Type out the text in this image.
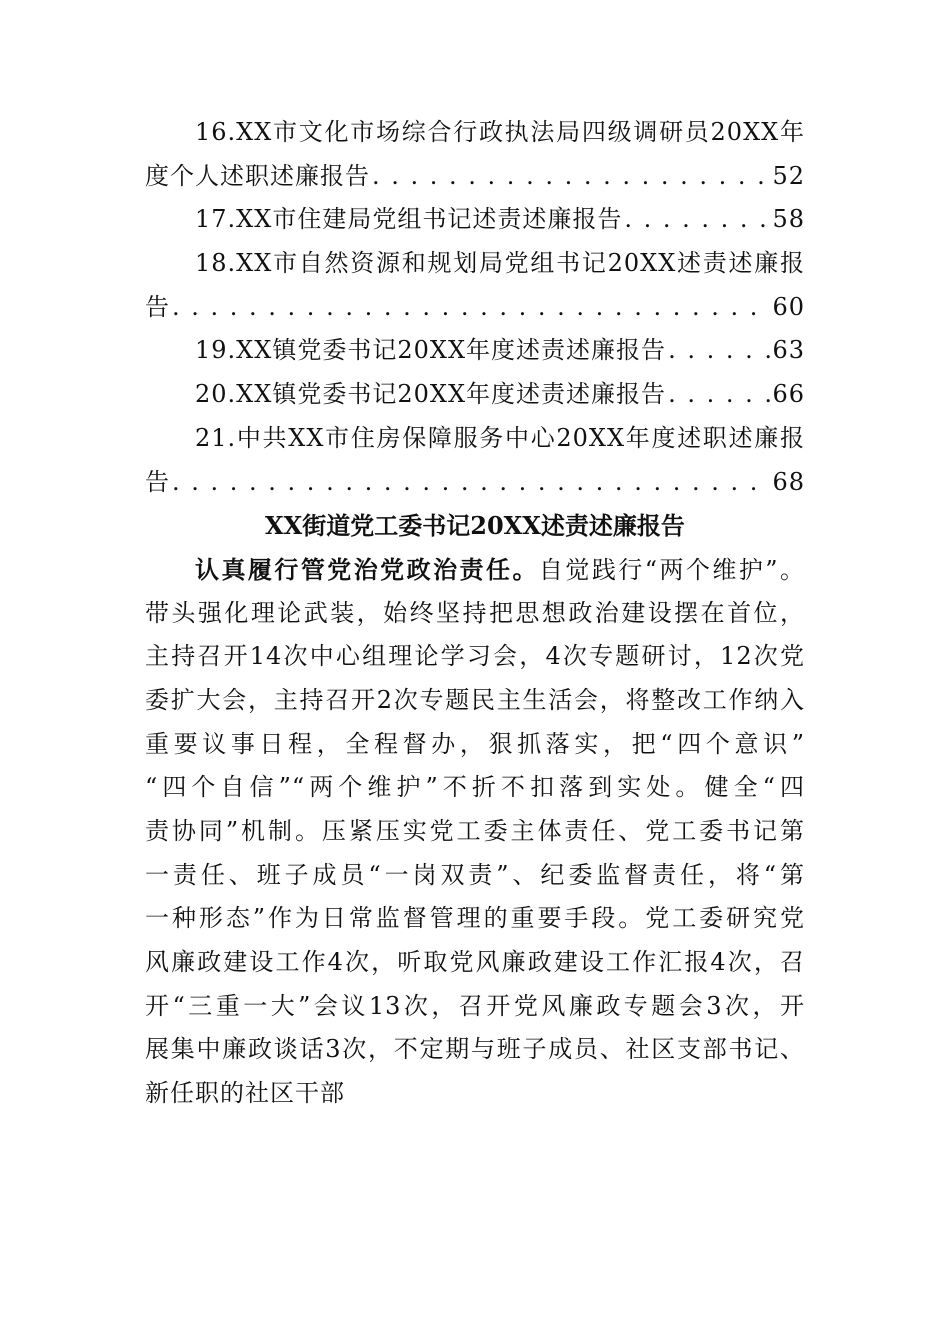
16.XX市文化市场综合行政执法局四级调研员20XX年
度个人述职述廉报告 . . .	52
17.XX市住建局党组书记述责述廉报告 . . .	58
18.XX市自然资源和规划局党组书记20XX述责述廉报
告 . . .	60
19.XX镇党委书记20XX年度述责述廉报告 . . .	63
20.XX镇党委书记20XX年度述责述廉报告 . . .	66
21.中共XX市住房保障服务中心20XX年度述职述廉报
告 . . .	68
XX街道党工委书记20XX述责述廉报告
认真履行管党治党政治责任。自觉践行“两个维护”。
带头强化理论武装，始终坚持把思想政治建设摆在首位，
主持召开14次中心组理论学习会，4次专题研讨，12次党
委扩大会，主持召开2次专题民主生活会，将整改工作纳入
重要议事日程，全程督办，狠抓落实，把“四个意识”
“四个自信”“两个维护”不折不扣落到实处。健全“四
责协同”机制。压紧压实党工委主体责任、党工委书记第
一责任、班子成员“一岗双责”、纪委监督责任，将“第
一种形态”作为日常监督管理的重要手段。党工委研究党
风廉政建设工作4次，听取党风廉政建设工作汇报4次，召
开“三重一大”会议13次，召开党风廉政专题会3次，开
展集中廉政谈话3次，不定期与班子成员、社区支部书记、
新任职的社区干部
